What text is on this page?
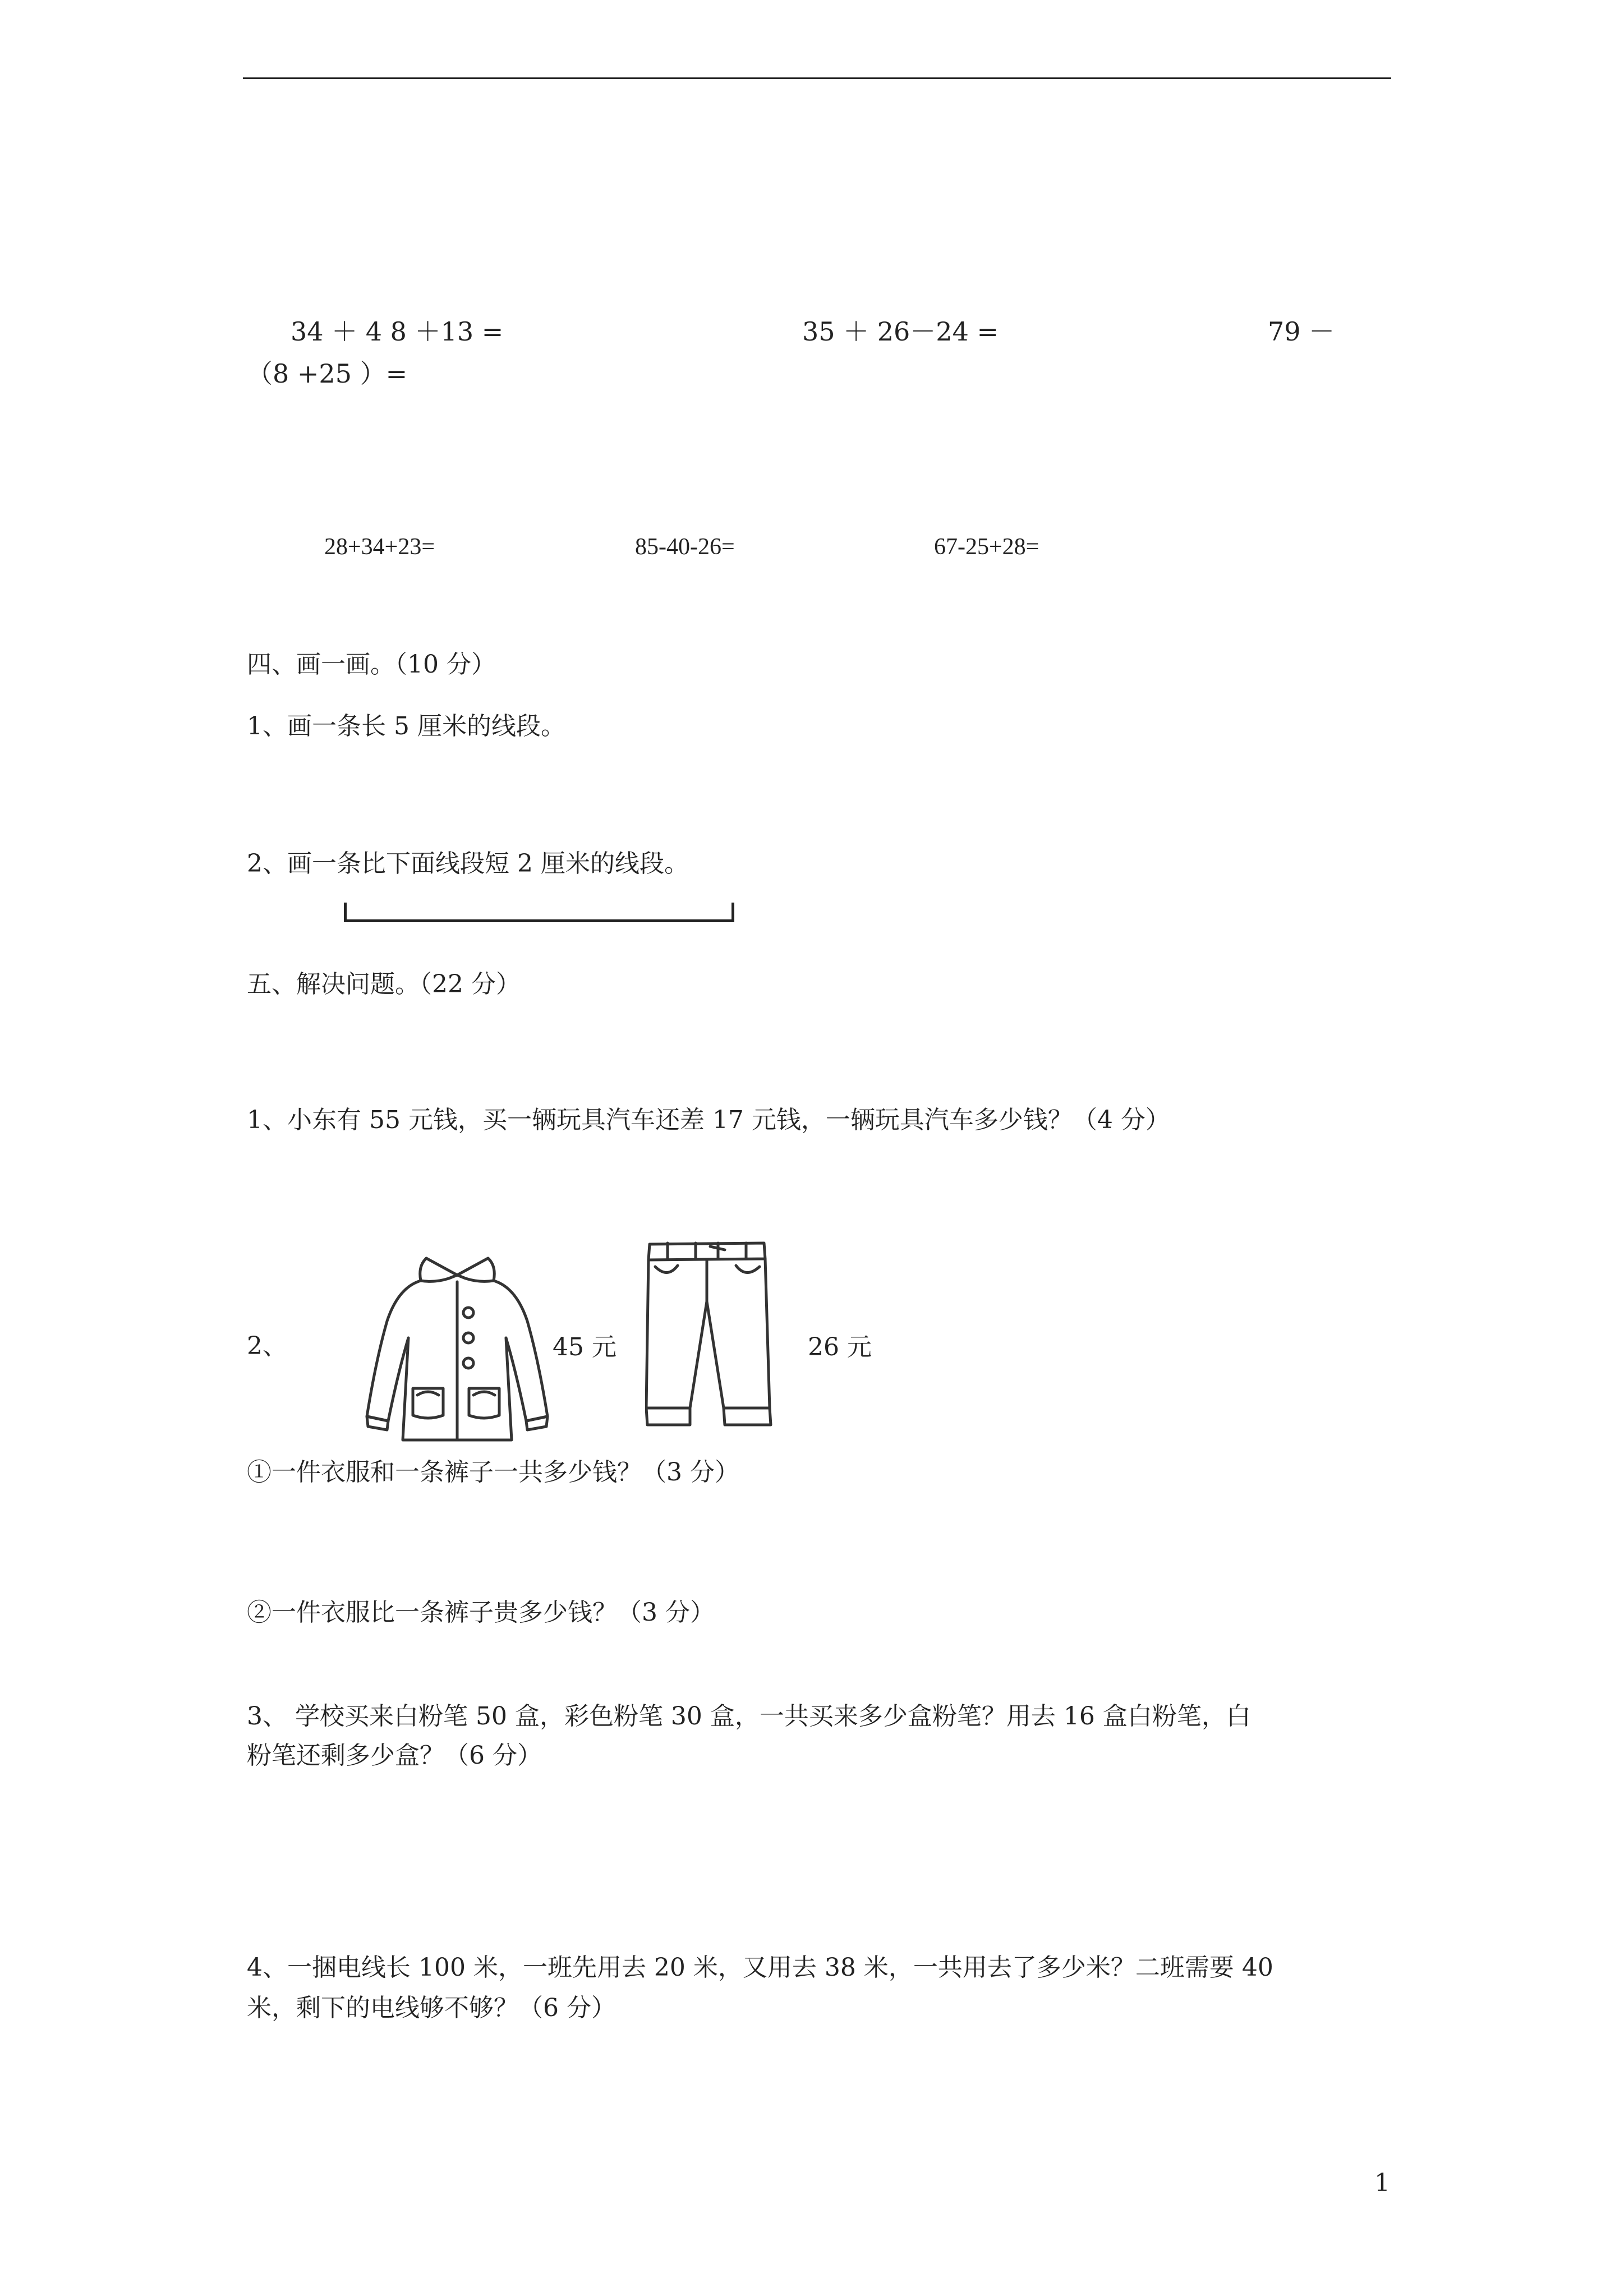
34 ＋ 4 8 ＋13 =	35 ＋ 26－24 =	79 －
（8 +25 ）=
28+34+23=	85-40-26=	67-25+28=
四、画一画。（10 分）
1、画一条长 5 厘米的线段。
2、画一条比下面线段短 2 厘米的线段。
五、解决问题。（22 分）
1、小东有 55 元钱，买一辆玩具汽车还差 17 元钱，一辆玩具汽车多少钱？（4 分）
2、	45 元	26 元
①一件衣服和一条裤子一共多少钱？（3 分）
②一件衣服比一条裤子贵多少钱？（3 分）
3、 学校买来白粉笔 50 盒，彩色粉笔 30 盒，一共买来多少盒粉笔？用去 16 盒白粉笔，白
粉笔还剩多少盒？（6 分）
4、一捆电线长 100 米，一班先用去 20 米，又用去 38 米，一共用去了多少米？二班需要 40
米，剩下的电线够不够？（6 分）
1
